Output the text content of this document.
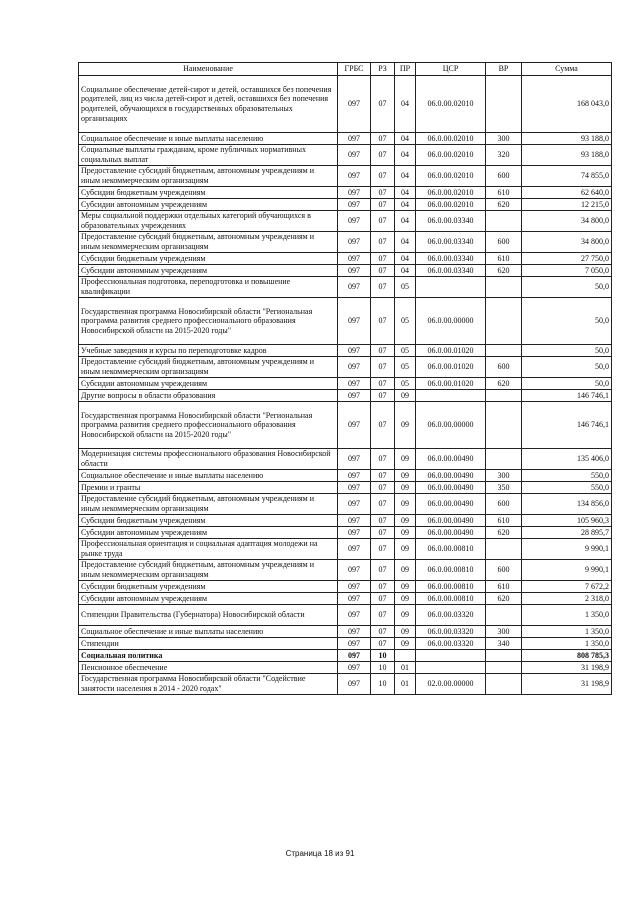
Наименование	ГРБС	РЗ	ПР	ЦСР	ВР	Сумма
Социальное обеспечение детей-сирот и детей, оставшихся без попечения родителей, лиц из числа детей-сирот и детей, оставшихся без попечения родителей, обучающихся в государственных образовательных организациях	097	07	04	06.0.00.02010		168 043,0
Социальное обеспечение и иные выплаты населению	097	07	04	06.0.00.02010	300	93 188,0
Социальные выплаты гражданам, кроме публичных нормативных социальных выплат	097	07	04	06.0.00.02010	320	93 188,0
Предоставление субсидий бюджетным, автономным учреждениям и иным некоммерческим организациям	097	07	04	06.0.00.02010	600	74 855,0
Субсидии бюджетным учреждениям	097	07	04	06.0.00.02010	610	62 640,0
Субсидии автономным учреждениям	097	07	04	06.0.00.02010	620	12 215,0
Меры социальной поддержки отдельных категорий обучающихся в образовательных учреждениях	097	07	04	06.0.00.03340		34 800,0
Предоставление субсидий бюджетным, автономным учреждениям и иным некоммерческим организациям	097	07	04	06.0.00.03340	600	34 800,0
Субсидии бюджетным учреждениям	097	07	04	06.0.00.03340	610	27 750,0
Субсидии автономным учреждениям	097	07	04	06.0.00.03340	620	7 050,0
Профессиональная подготовка, переподготовка и повышение квалификации	097	07	05			50,0
Государственная программа Новосибирской области "Региональная программа развития среднего профессионального образования Новосибирской области на 2015-2020 годы"	097	07	05	06.0.00.00000		50,0
Учебные заведения и курсы по переподготовке кадров	097	07	05	06.0.00.01020		50,0
Предоставление субсидий бюджетным, автономным учреждениям и иным некоммерческим организациям	097	07	05	06.0.00.01020	600	50,0
Субсидии автономным учреждениям	097	07	05	06.0.00.01020	620	50,0
Другие вопросы в области образования	097	07	09			146 746,1
Государственная программа Новосибирской области "Региональная программа развития среднего профессионального образования Новосибирской области на 2015-2020 годы"	097	07	09	06.0.00.00000		146 746,1
Модернизация системы профессионального образования Новосибирской области	097	07	09	06.0.00.00490		135 406,0
Социальное обеспечение и иные выплаты населению	097	07	09	06.0.00.00490	300	550,0
Премии и гранты	097	07	09	06.0.00.00490	350	550,0
Предоставление субсидий бюджетным, автономным учреждениям и иным некоммерческим организациям	097	07	09	06.0.00.00490	600	134 856,0
Субсидии бюджетным учреждениям	097	07	09	06.0.00.00490	610	105 960,3
Субсидии автономным учреждениям	097	07	09	06.0.00.00490	620	28 895,7
Профессиональная ориентация и социальная адаптация молодежи на рынке труда	097	07	09	06.0.00.00810		9 990,1
Предоставление субсидий бюджетным, автономным учреждениям и иным некоммерческим организациям	097	07	09	06.0.00.00810	600	9 990,1
Субсидии бюджетным учреждениям	097	07	09	06.0.00.00810	610	7 672,2
Субсидии автономным учреждениям	097	07	09	06.0.00.00810	620	2 318,0
Стипендии Правительства (Губернатора) Новосибирской области	097	07	09	06.0.00.03320		1 350,0
Социальное обеспечение и иные выплаты населению	097	07	09	06.0.00.03320	300	1 350,0
Стипендии	097	07	09	06.0.00.03320	340	1 350,0
Социальная политика	097	10				808 785,3
Пенсионное обеспечение	097	10	01			31 198,9
Государственная программа Новосибирской области "Содействие занятости населения в 2014 - 2020 годах"	097	10	01	02.0.00.00000		31 198,9
Страница 18 из 91
